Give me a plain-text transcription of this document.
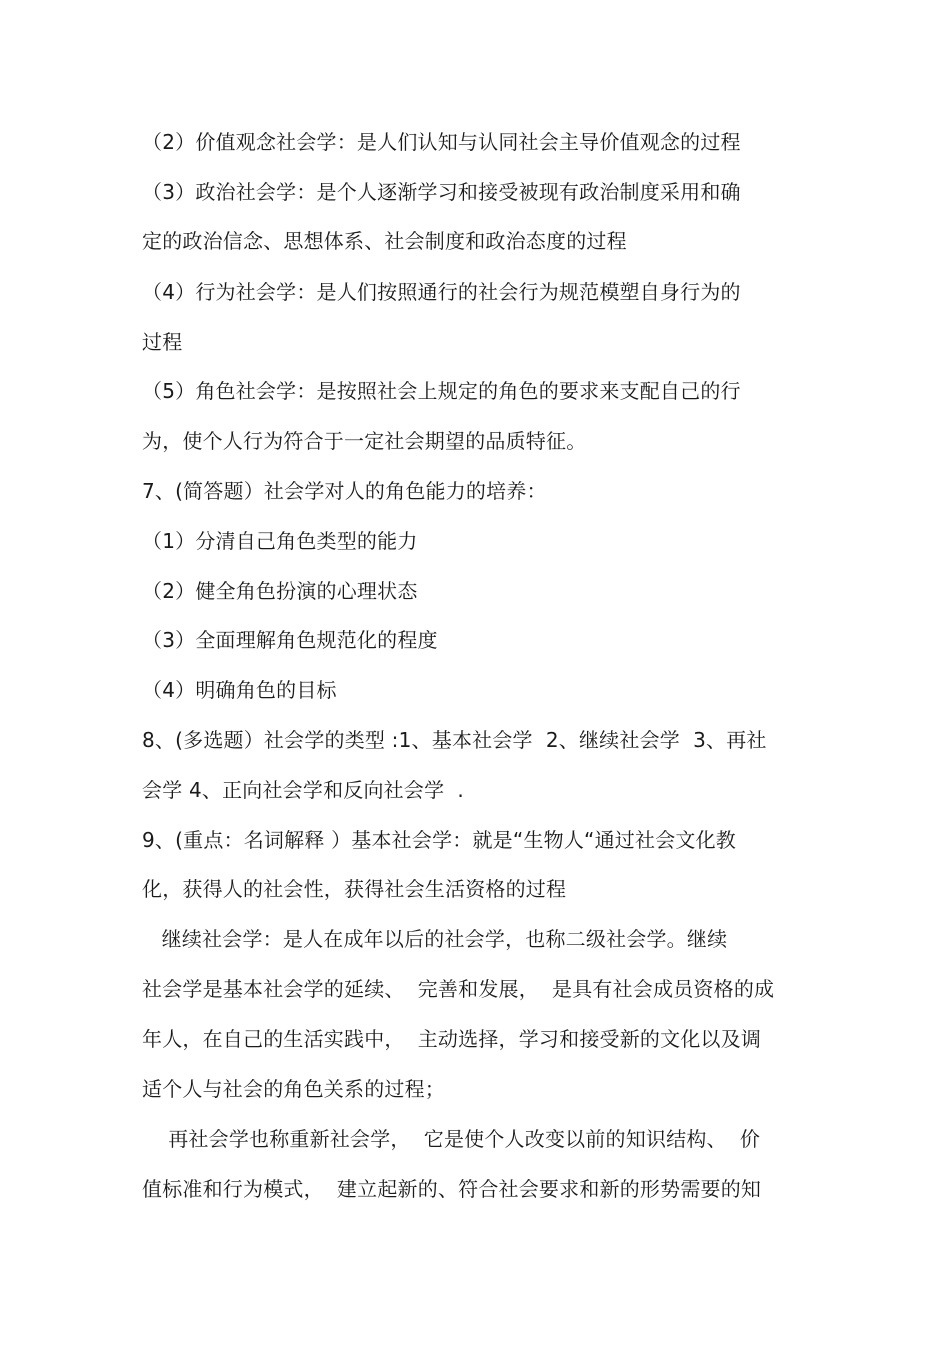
（2）价值观念社会学：是人们认知与认同社会主导价值观念的过程
（3）政治社会学：是个人逐渐学习和接受被现有政治制度采用和确
定的政治信念、思想体系、社会制度和政治态度的过程
（4）行为社会学：是人们按照通行的社会行为规范模塑自身行为的
过程
（5）角色社会学：是按照社会上规定的角色的要求来支配自己的行
为，使个人行为符合于一定社会期望的品质特征。
7、(简答题）社会学对人的角色能力的培养：
（1）分清自己角色类型的能力
（2）健全角色扮演的心理状态
（3）全面理解角色规范化的程度
（4）明确角色的目标
8、(多选题）社会学的类型 :1、基本社会学  2、继续社会学  3、再社
会学 4、正向社会学和反向社会学  .
9、(重点：名词解释 ）基本社会学：就是“生物人“通过社会文化教
化，获得人的社会性，获得社会生活资格的过程
继续社会学：是人在成年以后的社会学，也称二级社会学。继续
社会学是基本社会学的延续、  完善和发展，  是具有社会成员资格的成
年人，在自己的生活实践中，  主动选择，学习和接受新的文化以及调
适个人与社会的角色关系的过程；
再社会学也称重新社会学，  它是使个人改变以前的知识结构、  价
值标准和行为模式，  建立起新的、符合社会要求和新的形势需要的知
